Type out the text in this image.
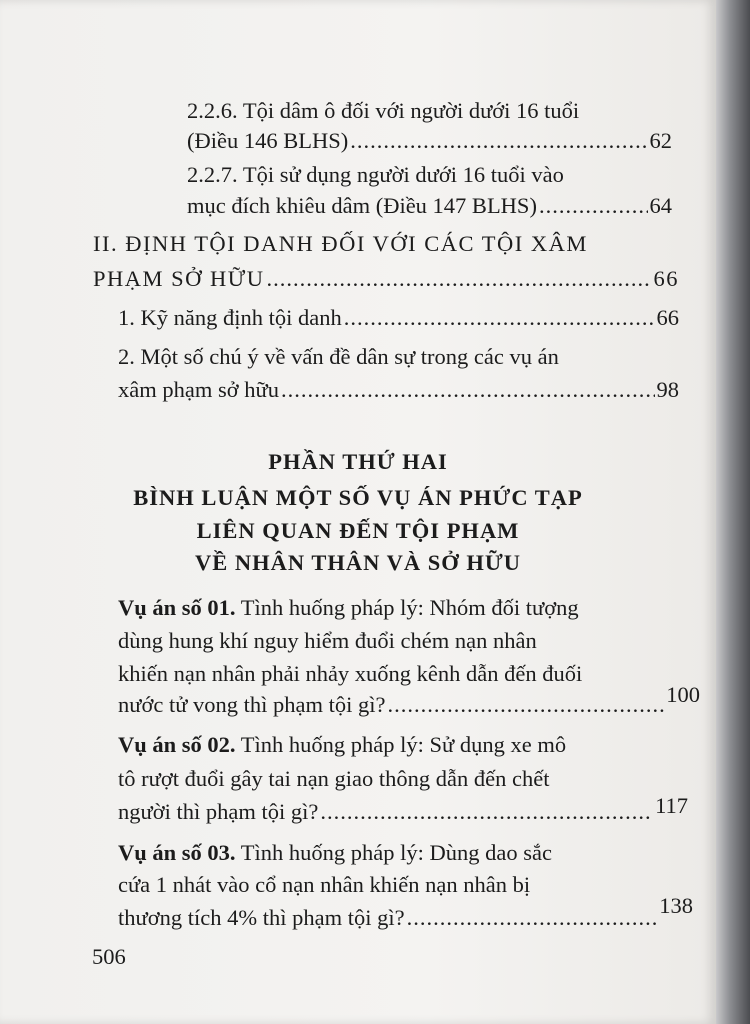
2.2.6. Tội dâm ô đối với người dưới 16 tuổi
(Điều 146 BLHS) .....	62
2.2.7. Tội sử dụng người dưới 16 tuổi vào
mục đích khiêu dâm (Điều 147 BLHS) .....	64
II. ĐỊNH TỘI DANH ĐỐI VỚI CÁC TỘI XÂM
PHẠM SỞ HỮU .....	66
1. Kỹ năng định tội danh .....	66
2. Một số chú ý về vấn đề dân sự trong các vụ án
xâm phạm sở hữu .....	98
PHẦN THỨ HAI
BÌNH LUẬN MỘT SỐ VỤ ÁN PHỨC TẠP
LIÊN QUAN ĐẾN TỘI PHẠM
VỀ NHÂN THÂN VÀ SỞ HỮU
Vụ án số 01. Tình huống pháp lý: Nhóm đối tượng
dùng hung khí nguy hiểm đuổi chém nạn nhân
khiến nạn nhân phải nhảy xuống kênh dẫn đến đuối
nước tử vong thì phạm tội gì? .....	100
Vụ án số 02. Tình huống pháp lý: Sử dụng xe mô
tô rượt đuổi gây tai nạn giao thông dẫn đến chết
người thì phạm tội gì? .....	117
Vụ án số 03. Tình huống pháp lý: Dùng dao sắc
cứa 1 nhát vào cổ nạn nhân khiến nạn nhân bị
thương tích 4% thì phạm tội gì? .....	138
506
